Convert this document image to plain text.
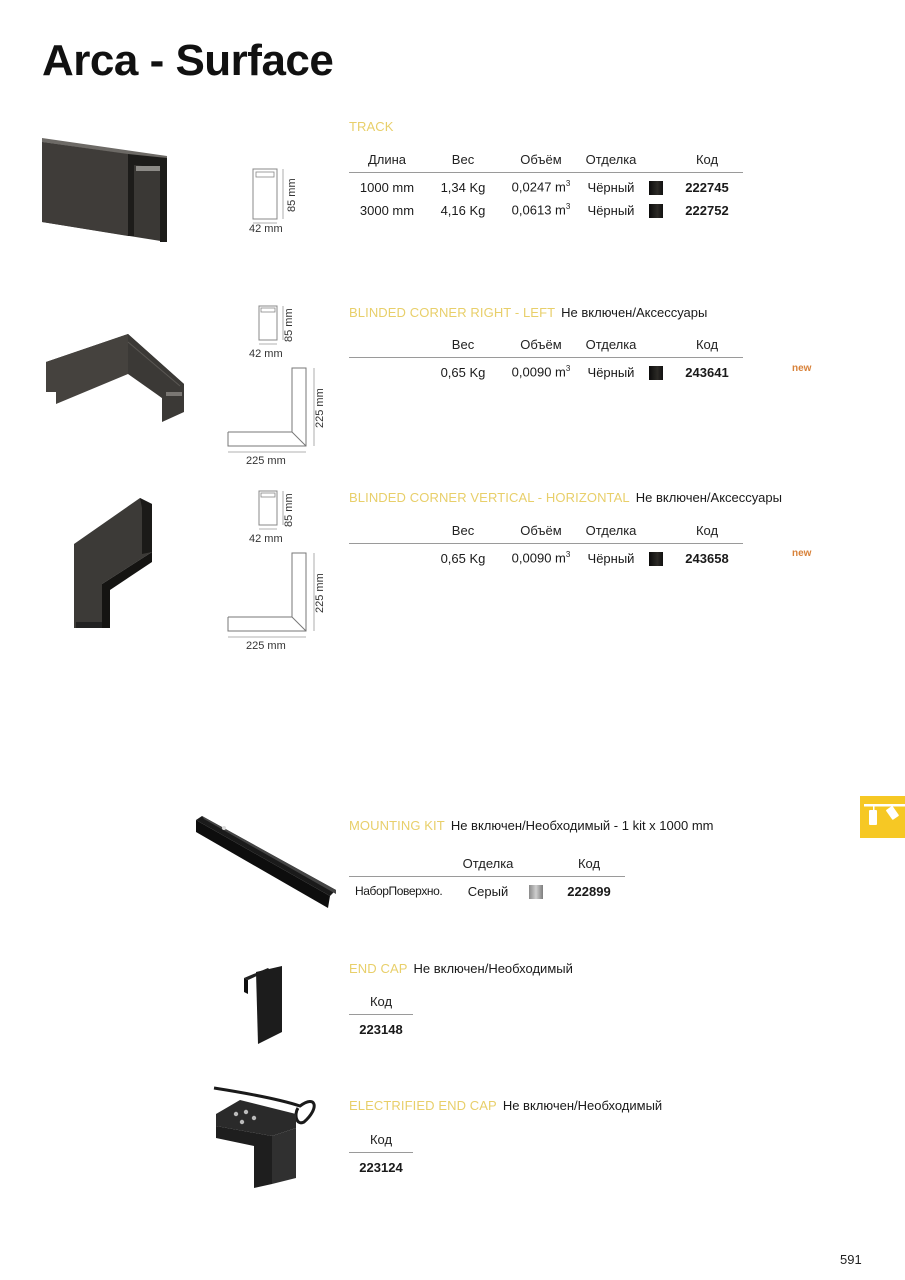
Arca - Surface
85 mm
42 mm
TRACK
Длина	Вес	Объём	Отделка		Код
1000 mm	1,34 Kg	0,0247 $m^3$	Чёрный		222745
3000 mm	4,16 Kg	0,0613 $m^3$	Чёрный		222752
85 mm
42 mm
225 mm
225 mm
BLINDED CORNER RIGHT - LEFT Не включен/Аксессуары
	Вес	Объём	Отделка		Код
	0,65 Kg	0,0090 $m^3$	Чёрный		243641	new
85 mm
42 mm
225 mm
225 mm
BLINDED CORNER VERTICAL - HORIZONTAL Не включен/Аксессуары
	Вес	Объём	Отделка		Код
	0,65 Kg	0,0090 $m^3$	Чёрный		243658	new
MOUNTING KIT Не включен/Необходимый - 1 kit x 1000 mm
	Отделка		Код
НаборПоверхно.	Серый		222899
END CAP Не включен/Необходимый
Код
223148
ELECTRIFIED END CAP Не включен/Необходимый
Код
223124
591
